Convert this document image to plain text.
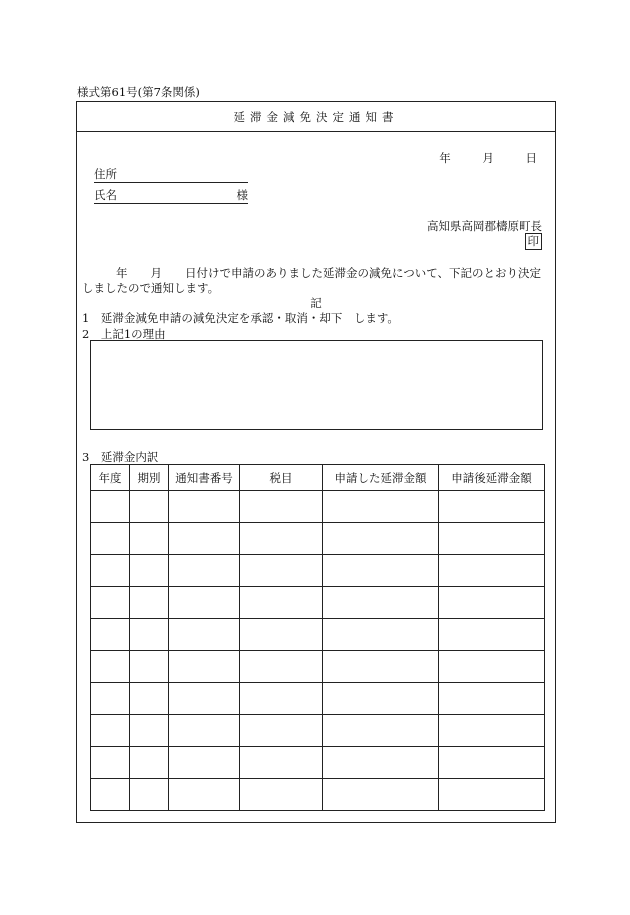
様式第61号(第7条関係)
延滞金減免決定通知書
年	月	日
住所
氏名	様
高知県高岡郡檮原町長
印
年　　月　　日付けで申請のありました延滞金の減免について、下記のとおり決定しましたので通知します。
記
1　延滞金減免申請の減免決定を承認・取消・却下　します。
2　上記1の理由
3　延滞金内訳
年度	期別	通知書番号	税目	申請した延滞金額	申請後延滞金額
